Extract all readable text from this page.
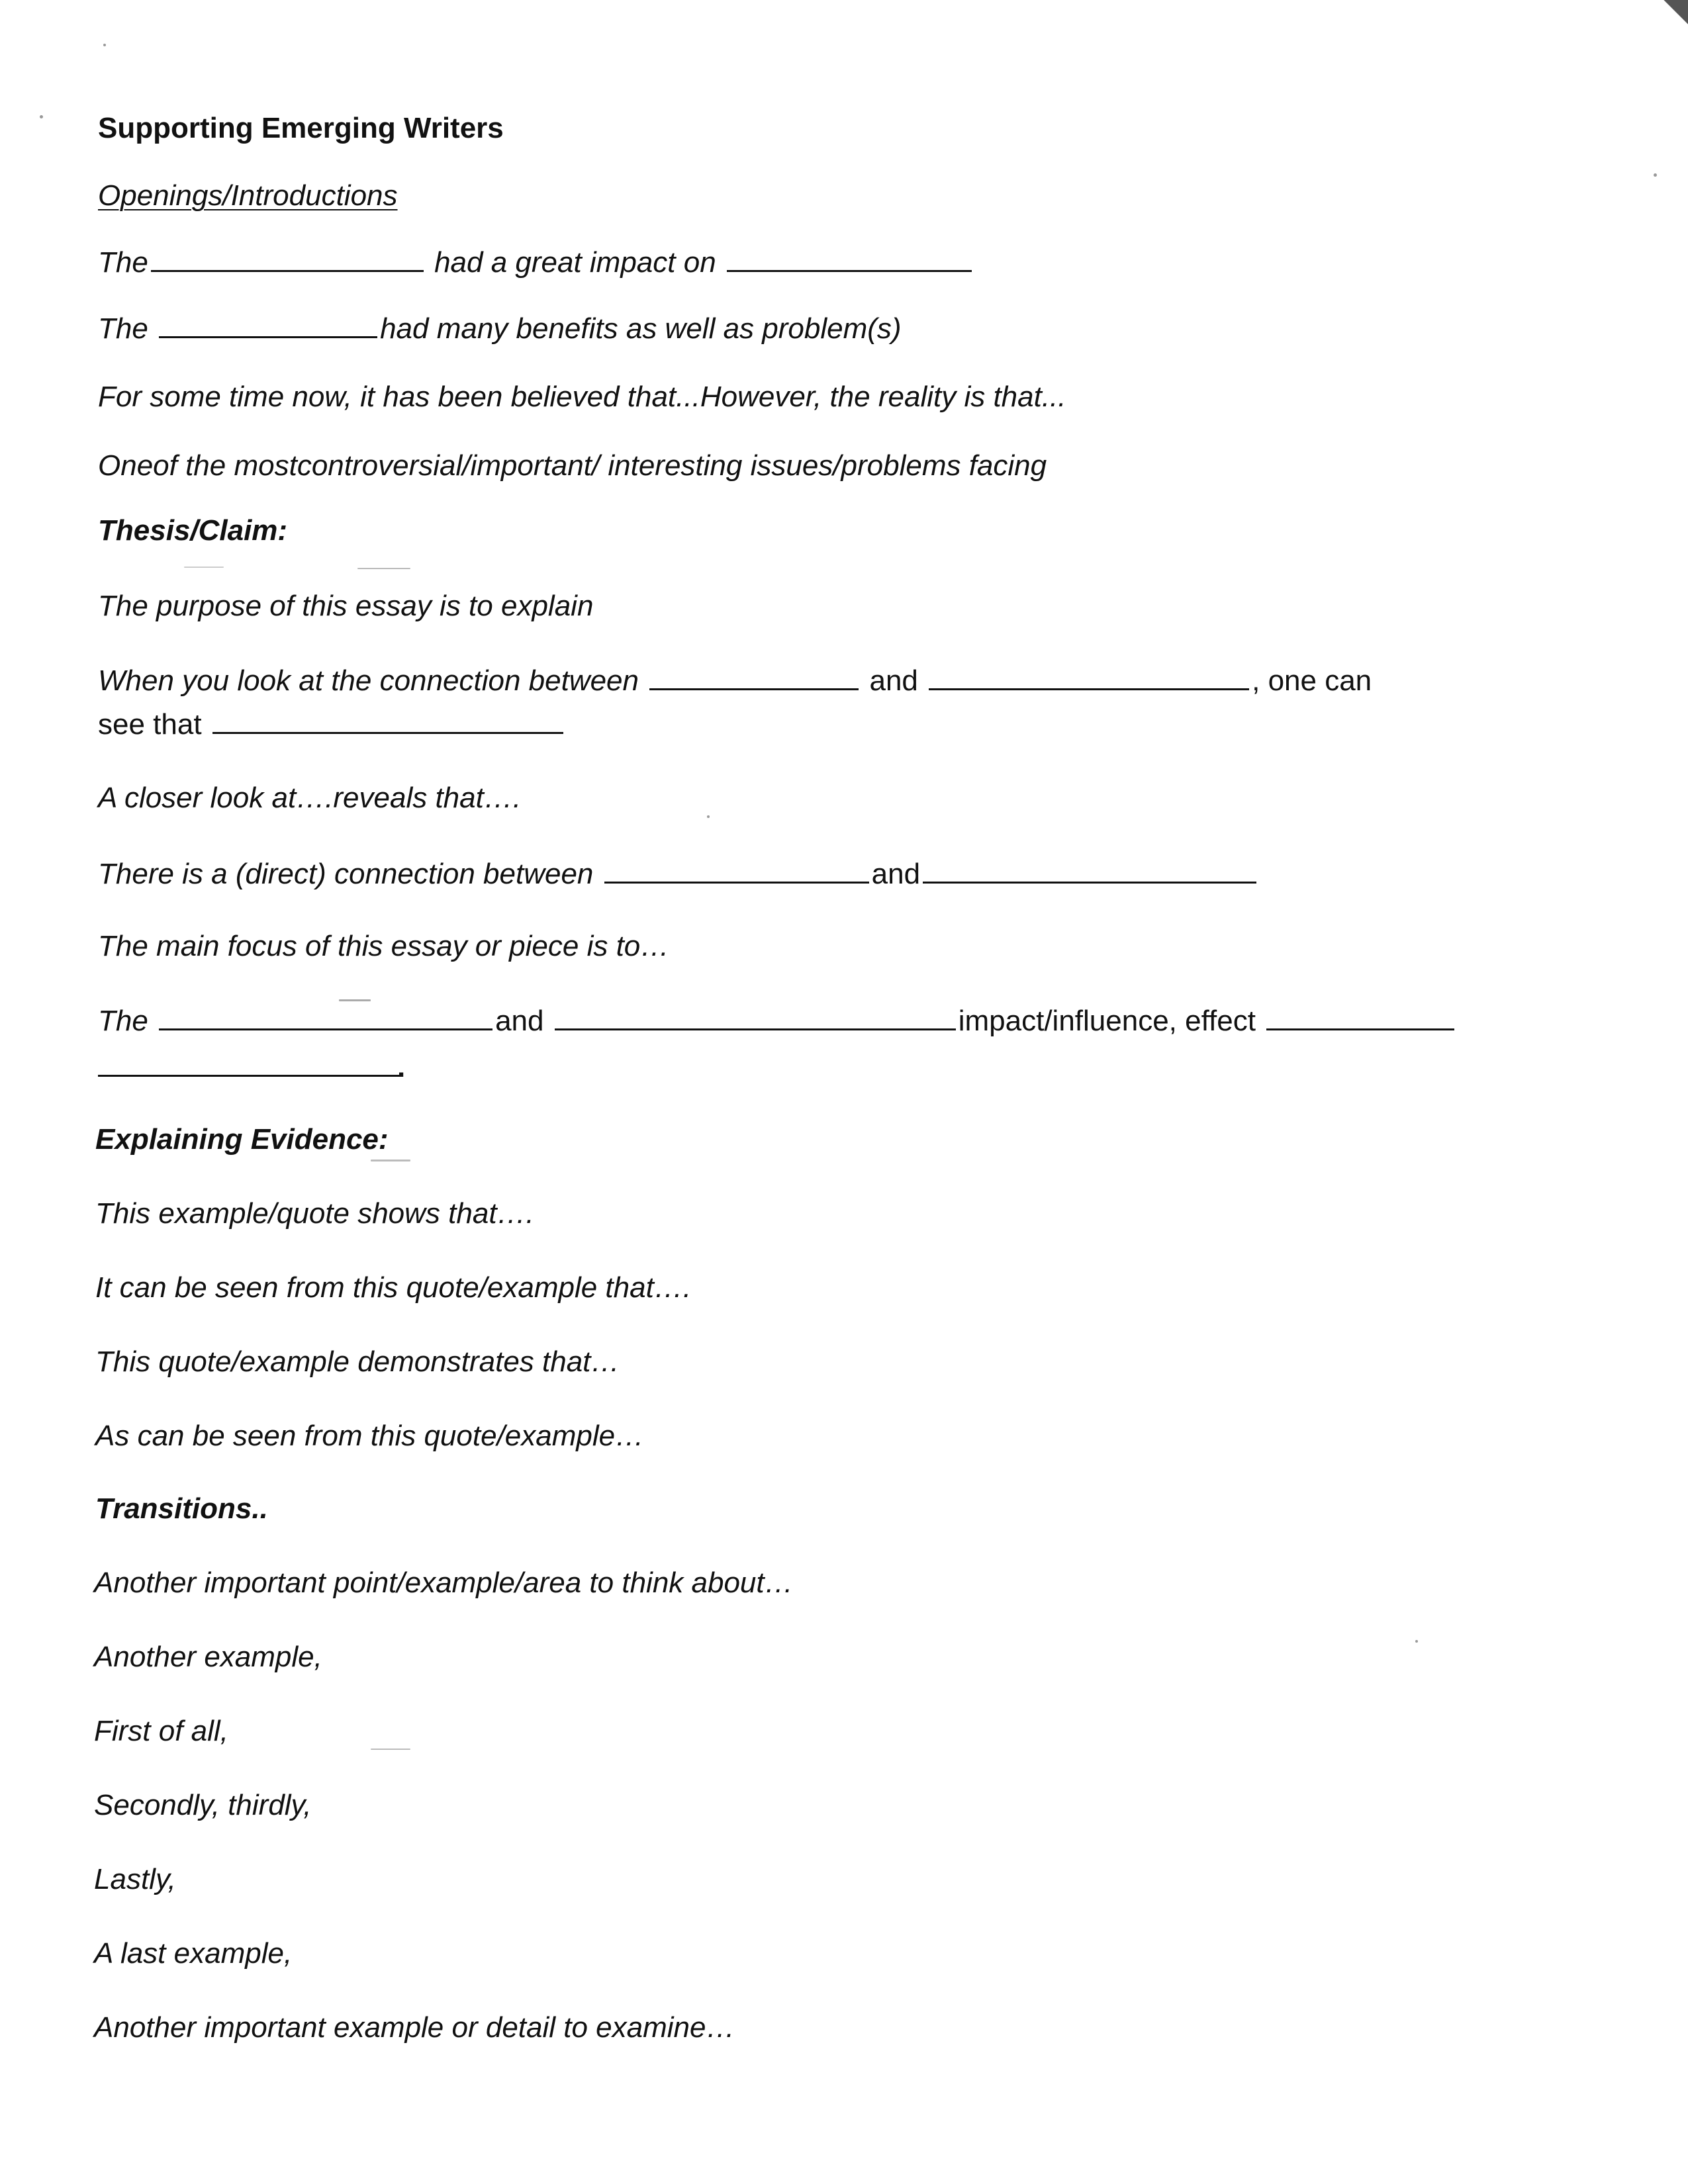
Supporting Emerging Writers
Openings/Introductions
The	had a great impact on
The	had many benefits as well as problem(s)
For some time now, it has been believed that...However, the reality is that...
Oneof the mostcontroversial/important/ interesting issues/problems facing
Thesis/Claim:
The purpose of this essay is to explain
When you look at the connection between	and	, one can
see that
A closer look at….reveals that….
There is a (direct) connection between	and
The main focus of this essay or piece is to…
The	and	impact/influence, effect
.
Explaining Evidence:
This example/quote shows that….
It can be seen from this quote/example that….
This quote/example demonstrates that…
As can be seen from this quote/example…
Transitions..
Another important point/example/area to think about…
Another example,
First of all,
Secondly, thirdly,
Lastly,
A last example,
Another important example or detail to examine…
